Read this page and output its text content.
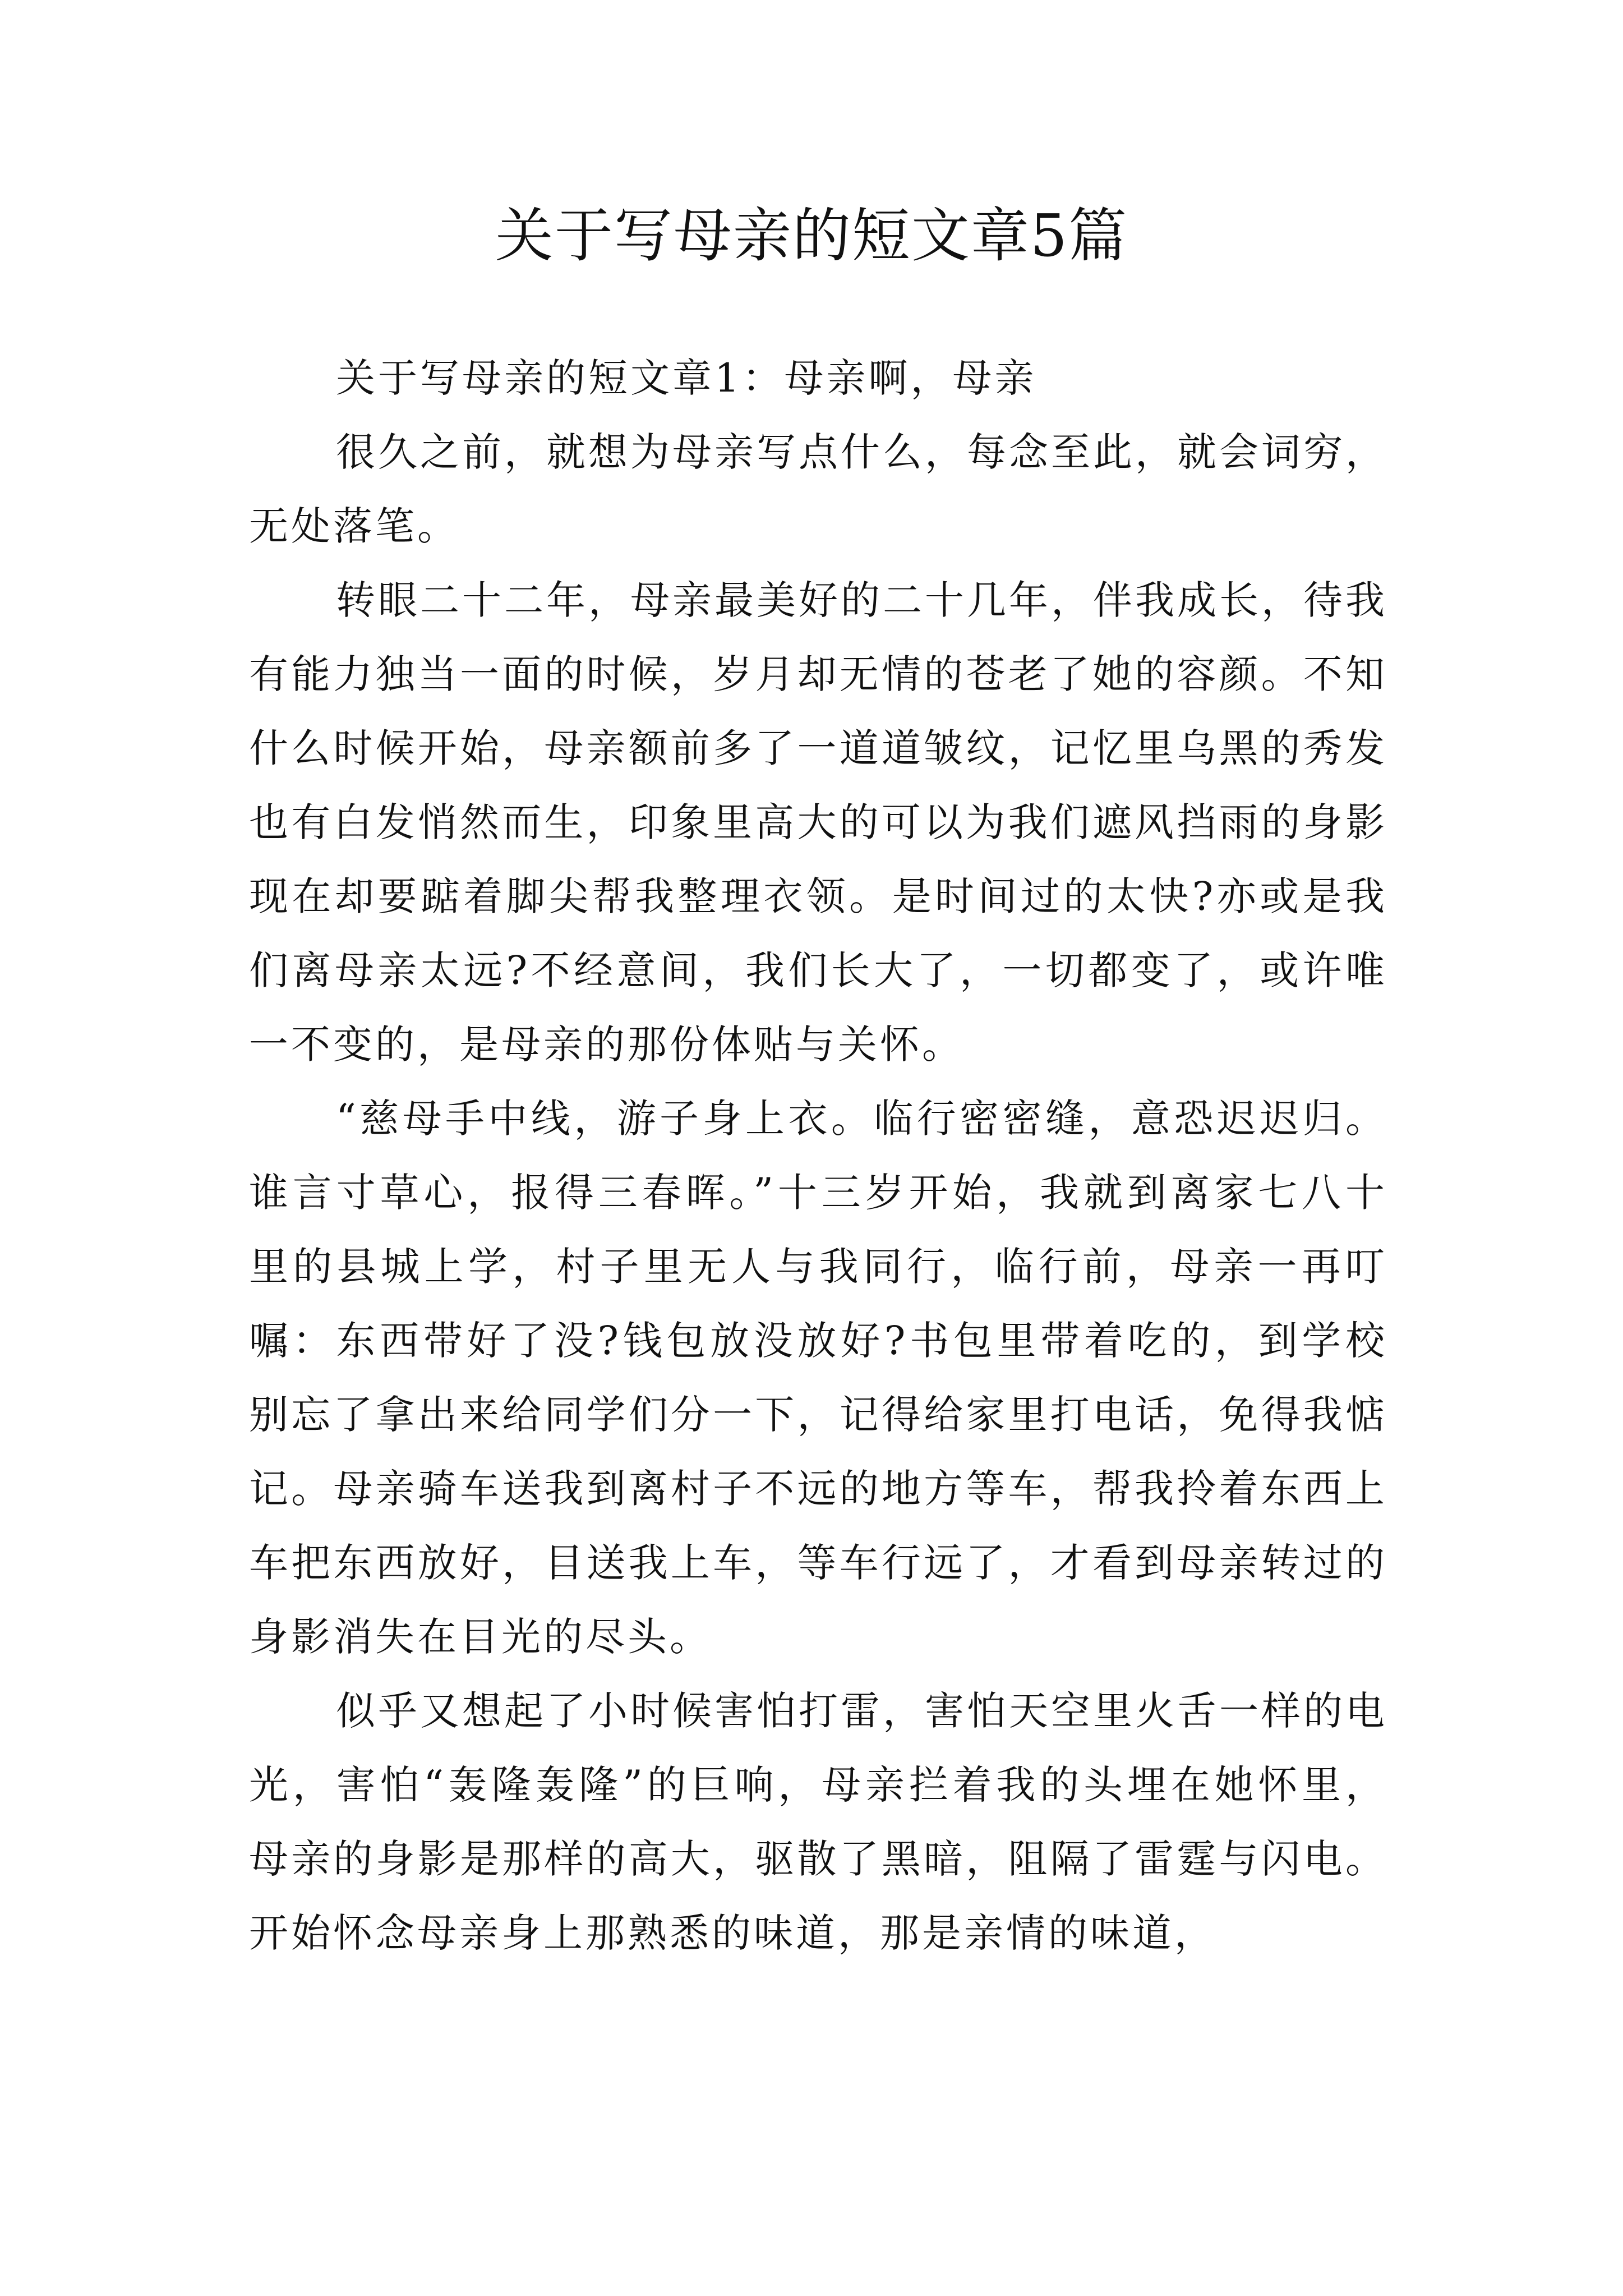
关于写母亲的短文章5篇

关于写母亲的短文章1：母亲啊，母亲

很久之前，就想为母亲写点什么，每念至此，就会词穷，无处落笔。

转眼二十二年，母亲最美好的二十几年，伴我成长，待我有能力独当一面的时候，岁月却无情的苍老了她的容颜。不知什么时候开始，母亲额前多了一道道皱纹，记忆里乌黑的秀发也有白发悄然而生，印象里高大的可以为我们遮风挡雨的身影现在却要踮着脚尖帮我整理衣领。是时间过的太快?亦或是我们离母亲太远?不经意间，我们长大了，一切都变了，或许唯一不变的，是母亲的那份体贴与关怀。

“慈母手中线，游子身上衣。临行密密缝，意恐迟迟归。谁言寸草心，报得三春晖。”十三岁开始，我就到离家七八十里的县城上学，村子里无人与我同行，临行前，母亲一再叮嘱：东西带好了没?钱包放没放好?书包里带着吃的，到学校别忘了拿出来给同学们分一下，记得给家里打电话，免得我惦记。母亲骑车送我到离村子不远的地方等车，帮我拎着东西上车把东西放好，目送我上车，等车行远了，才看到母亲转过的身影消失在目光的尽头。

似乎又想起了小时候害怕打雷，害怕天空里火舌一样的电光，害怕“轰隆轰隆”的巨响，母亲拦着我的头埋在她怀里，母亲的身影是那样的高大，驱散了黑暗，阻隔了雷霆与闪电。开始怀念母亲身上那熟悉的味道，那是亲情的味道，
